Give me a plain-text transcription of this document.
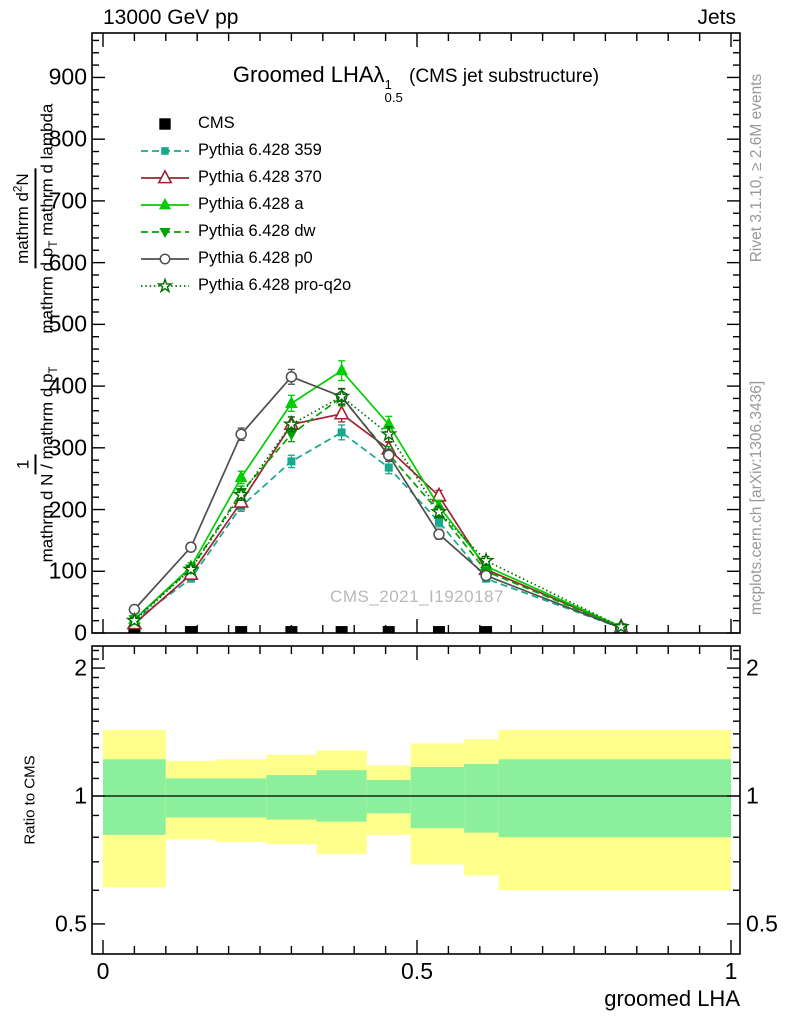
13000 GeV pp	Jets
Groomed LHAλ 1
0.5
(CMS jet substructure)
CMS
Pythia 6.428 359
Pythia 6.428 370
Pythia 6.428 a
Pythia 6.428 dw
Pythia 6.428 p0
Pythia 6.428 pro-q2o
CMS_2021_I1920187
Rivet 3.1.10, ≥ 2.6M events
mcplots.cern.ch [arXiv:1306.3436]
Ratio to CMS
1 mathrm d N / mathrm d $p_T$

mathrm $d^2N$
mathrm d $p_T$ mathrm d lambda
0
100
200
300
400
500
600
700
800
900
2	2
1	1
0.5	0.5
0	0.5	1
groomed LHA
